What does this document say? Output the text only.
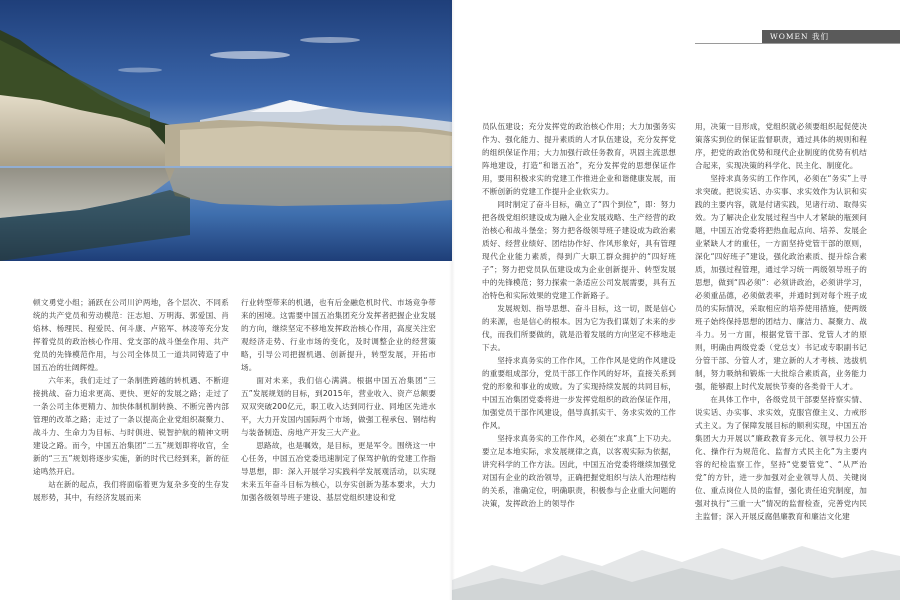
WOMEN 我们

顿文勇党小组；涌跃在公司川沪两地，各个层次、不同系统的共产党员和劳动模范：汪志旭、万明海、郭爱国、肖焰林、杨理民、程爱民、何斗康、卢铭军、林凌等充分发挥着党员的政治核心作用、党支部的战斗堡垒作用、共产党员的先锋模范作用，与公司全体员工一道共同铸造了中国五冶的壮阔辉煌。

六年来，我们走过了一条制胜跨越的转机遇、不断迎接挑战、奋力追求更高、更快、更好的发展之路；走过了一条公司主体更精力、加快体制机制转换、不断完善内部管理的改革之路；走过了一条以提高企业党组织凝聚力、战斗力、生命力为目标、与时俱进、锐智护航的精神文明建设之路。而今，中国五冶集团“二五”规划即将收官，全新的“三五”规划将逐步实施，新的时代已经到来，新的征途鸣然开启。

站在新的起点，我们将面临着更为复杂多变的生存发展形势，其中，有经济发展而来

行业转型带来的机遇，也有后金融危机时代、市场竞争带来的困境。这需要中国五冶集团充分发挥者把握企业发展的方向，继续坚定不移地发挥政治核心作用，高度关注宏观经济走势、行业市场的变化，及时调整企业的经营策略，引导公司把握机遇、创新提升，转型发展，开拓市场。

面对未来，我们信心满满。根据中国五冶集团“三五”发展规划的目标，到2015年，营业收入、资产总额要双双突破200亿元，职工收入达到同行业、同地区先进水平，大力开发国内国际两个市场，做强工程承包、钢结构与装备制造、房地产开发三大产业。

思路故，也是嘱效，是目标，更是军令。围绕这一中心任务，中国五冶党委迅速制定了保驾护航的党建工作指导思想，即：深入开展学习实践科学发展观活动，以实现未来五年奋斗目标为核心，以夯实创新为基本要求，大力加强各级领导班子建设、基层党组织建设和党

员队伍建设；充分发挥党的政治核心作用；大力加强务实作为、强化能力、提升素质的人才队伍建设，充分发挥党的组织保证作用；大力加强行政任务教育，巩固主流思想阵地建设，打造“和谐五冶”，充分发挥党的思想保证作用，要用积极求实的党建工作推进企业和谐健康发展，而不断创新的党建工作提升企业软实力。

同时制定了奋斗目标，确立了“四个到位”，即：努力把各级党组织建设成为融入企业发展戏略、生产经营的政治核心和战斗堡垒；努力把各级领导班子建设成为政治素质好、经营业绩好、团结协作好、作风形象好，具有管理现代企业能力素质，得到广大职工群众拥护的“四好班子”；努力把党员队伍建设成为企业创新提升、转型发展中的先锋模范；努力探索一条适应公司发展需要，具有五冶特色和实际效果的党建工作新路子。

发展规划、指导思想、奋斗目标，这一切，既是信心的来源，也是信心的根本。因为它为我们谋划了未来的步伐，而我们所要做的，就是沿着发展的方向坚定不移地走下去。

坚持求真务实的工作作风，工作作风是党的作风建设的重要组成部分，党员干部工作作风的好坏，直接关系到党的形象和事业的成败。为了实现持续发展的共同目标，中国五冶集团党委将进一步发挥党组织的政治保证作用，加强党员干部作风建设，倡导真抓实干、务求实效的工作作风。

坚持求真务实的工作作风，必须在“求真”上下功夫。要立足本地实际，求发展规律之真，以客观实际为依据，讲究科学的工作方法。因此，中国五冶党委将继续加强党对国有企业的政治领导，正确把握党组织与法人治理结构的关系，准确定位，明确职责，积极参与企业重大问题的决策，发挥政治上的领导作

用，决策一目形成，党组织就必须要组织起促使决策落实到位的保证监督职责，通过具体的规则和程序，把党的政治优势和现代企业制度的优势有机结合起来，实现决策的科学化、民主化、制度化。

坚持求真务实的工作作风，必须在“务实”上寻求突破。把说实话、办实事、求实效作为认识和实践的主要内容，就是付诸实践，见诸行动、取得实效。为了解决企业发展过程当中人才紧缺的瓶颈问题，中国五冶党委将把热血起点向、培养、发展企业紧缺人才的重任，一方面坚持党管干部的原则，深化“四好班子”建设，强化政治素质、提升综合素质，加强过程管理，通过学习统一两级领导班子的思想，做到“四必须”：必须讲政治，必须讲学习，必须重品德，必须做表率，并通时到对每个班子成员的实际情况，采取相应的培养使用措施，使两级班子始终保持思想的团结力、廉洁力、凝聚力、战斗力。另一方面，根据党管干部、党管人才的原则，明确由两级党委（党总支）书记或专职副书记分管干部、分管人才，建立新的人才考核、选拔机制，努力吸纳和锻炼一大批综合素质高，业务能力强，能够跟上时代发展快节奏的各类骨干人才。

在具体工作中，各级党员干部要坚持察实情、说实话、办实事、求实效，克服官僚主义、力戒形式主义。为了保障发展目标的顺利实现，中国五冶集团大力开展以“廉政教育多元化、领导权力公开化、操作行为规范化、监督方式民主化”为主要内容的纪检监察工作，坚持“党要管党”、“从严治党”的方针，进一步加强对企业领导人员、关键岗位、重点岗位人员的监督，强化责任追究制度，加强对执行“三重一大”情况的监督检查，完善党内民主监督；深入开展反腐倡廉教育和廉洁文化建
